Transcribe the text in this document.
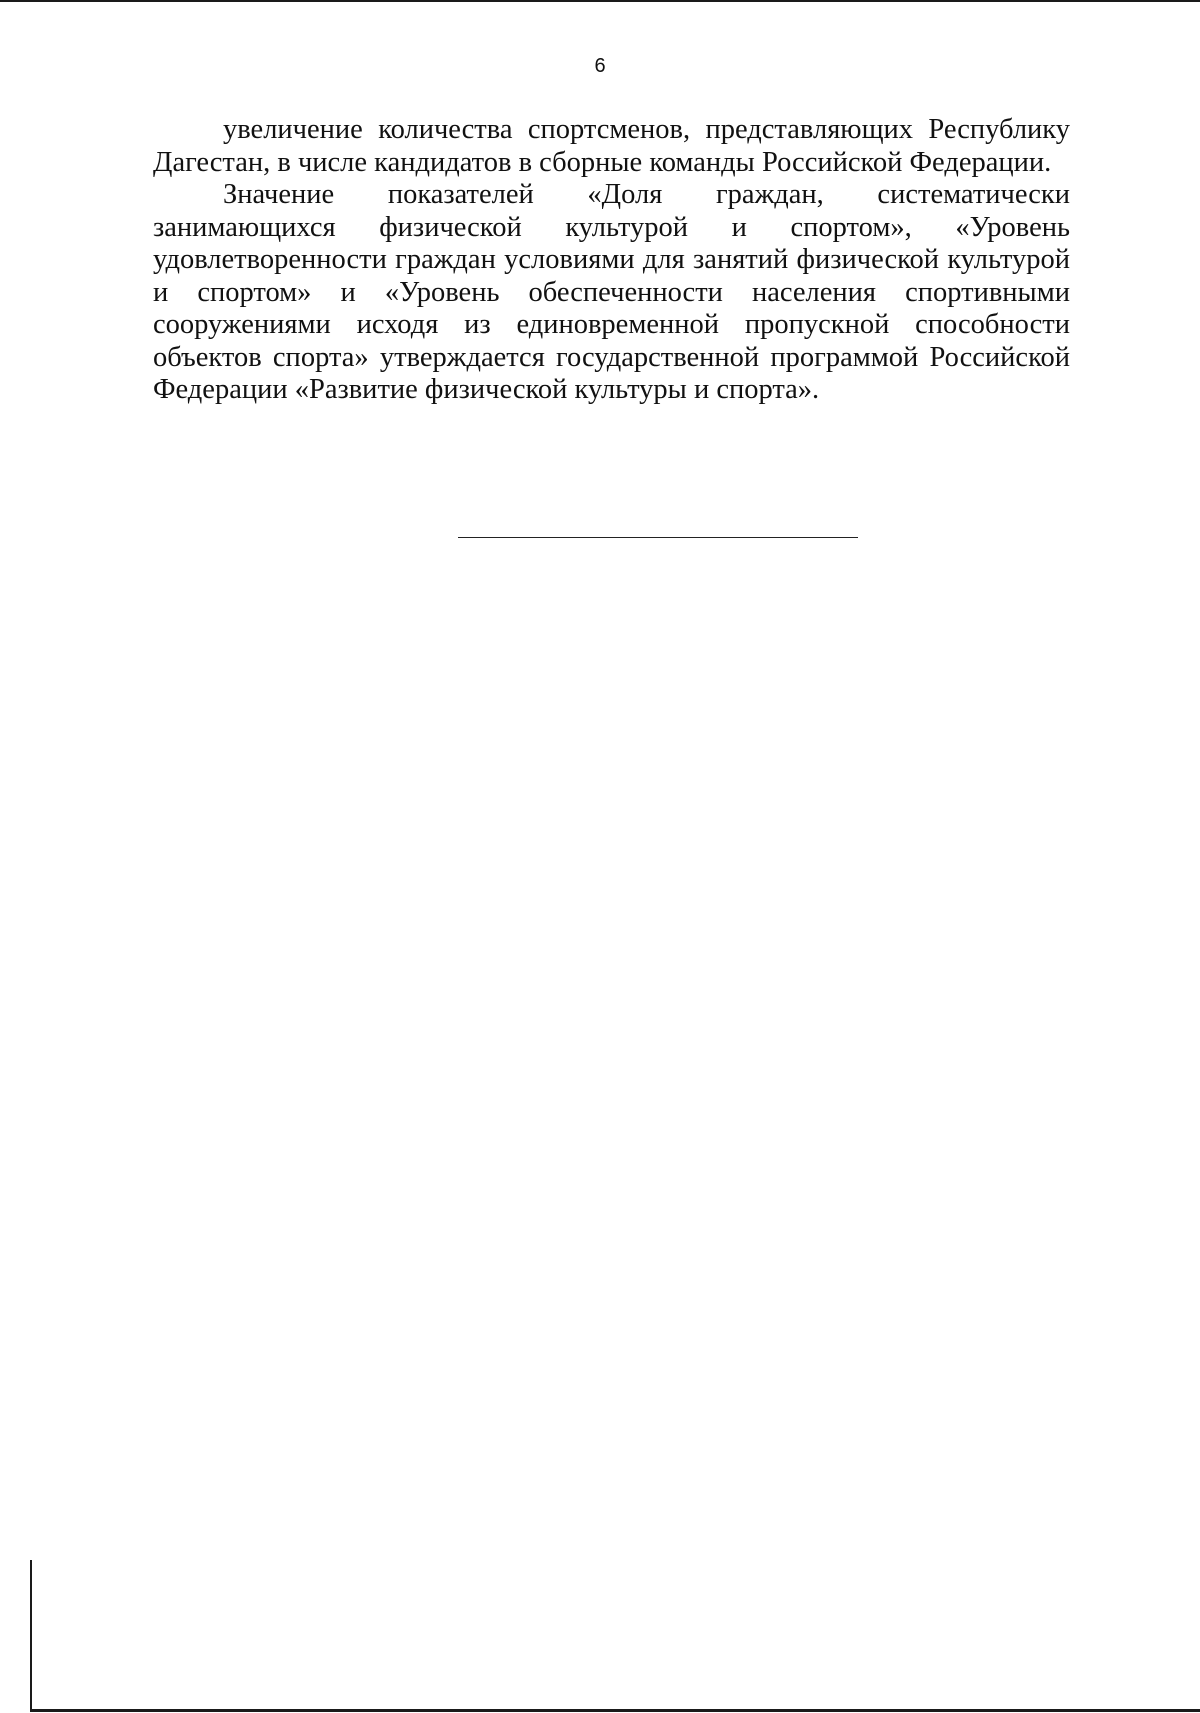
6

увеличение количества спортсменов, представляющих Республику Дагестан, в числе кандидатов в сборные команды Российской Федерации.

Значение показателей «Доля граждан, систематически занимающихся физической культурой и спортом», «Уровень удовлетворенности граждан условиями для занятий физической культурой и спортом» и «Уровень обеспеченности населения спортивными сооружениями исходя из единовременной пропускной способности объектов спорта» утверждается государственной программой Российской Федерации «Развитие физической культуры и спорта».
